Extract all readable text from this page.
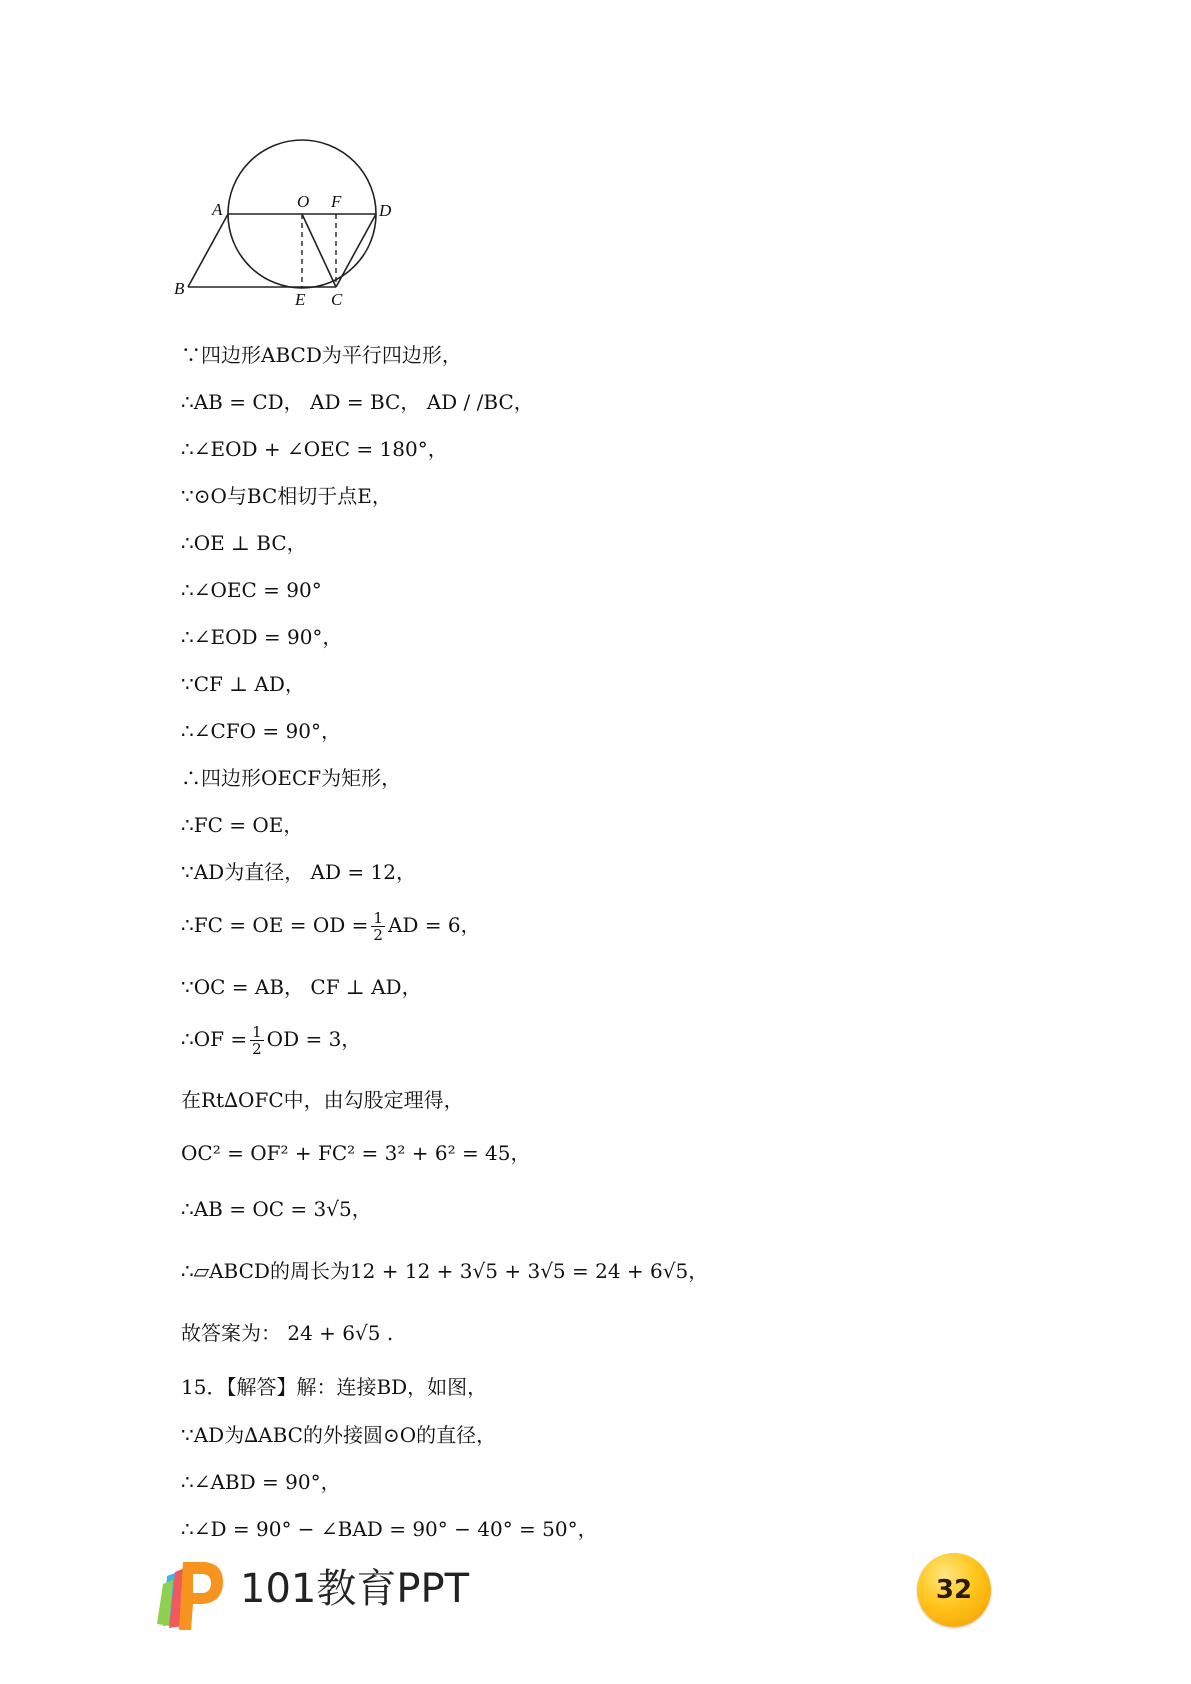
A	O F D
B
E C
∵四边形ABCD为平行四边形，
∴AB = CD， AD = BC， AD / /BC，
∴∠EOD + ∠OEC = 180°，
∵⊙O与BC相切于点E，
∴OE ⊥ BC，
∴∠OEC = 90°
∴∠EOD = 90°，
∵CF ⊥ AD，
∴∠CFO = 90°，
∴四边形OECF为矩形，
∴FC = OE，
∵AD为直径， AD = 12，
∴FC = OE = OD = $\frac{1}{2}$ AD = 6，
∵OC = AB， CF ⊥ AD，
∴OF = $\frac{1}{2}$ OD = 3，
在Rt∆OFC中，由勾股定理得，
OC² = OF² + FC² = 3² + 6² = 45，
∴AB = OC = 3√5，
∴▱ABCD的周长为12 + 12 + 3√5 + 3√5 = 24 + 6√5，
故答案为： 24 + 6√5 .
15．【解答】解：连接BD，如图，
∵AD为∆ABC的外接圆⊙O的直径，
∴∠ABD = 90°，
∴∠D = 90° − ∠BAD = 90° − 40° = 50°，
101教育PPT	32
